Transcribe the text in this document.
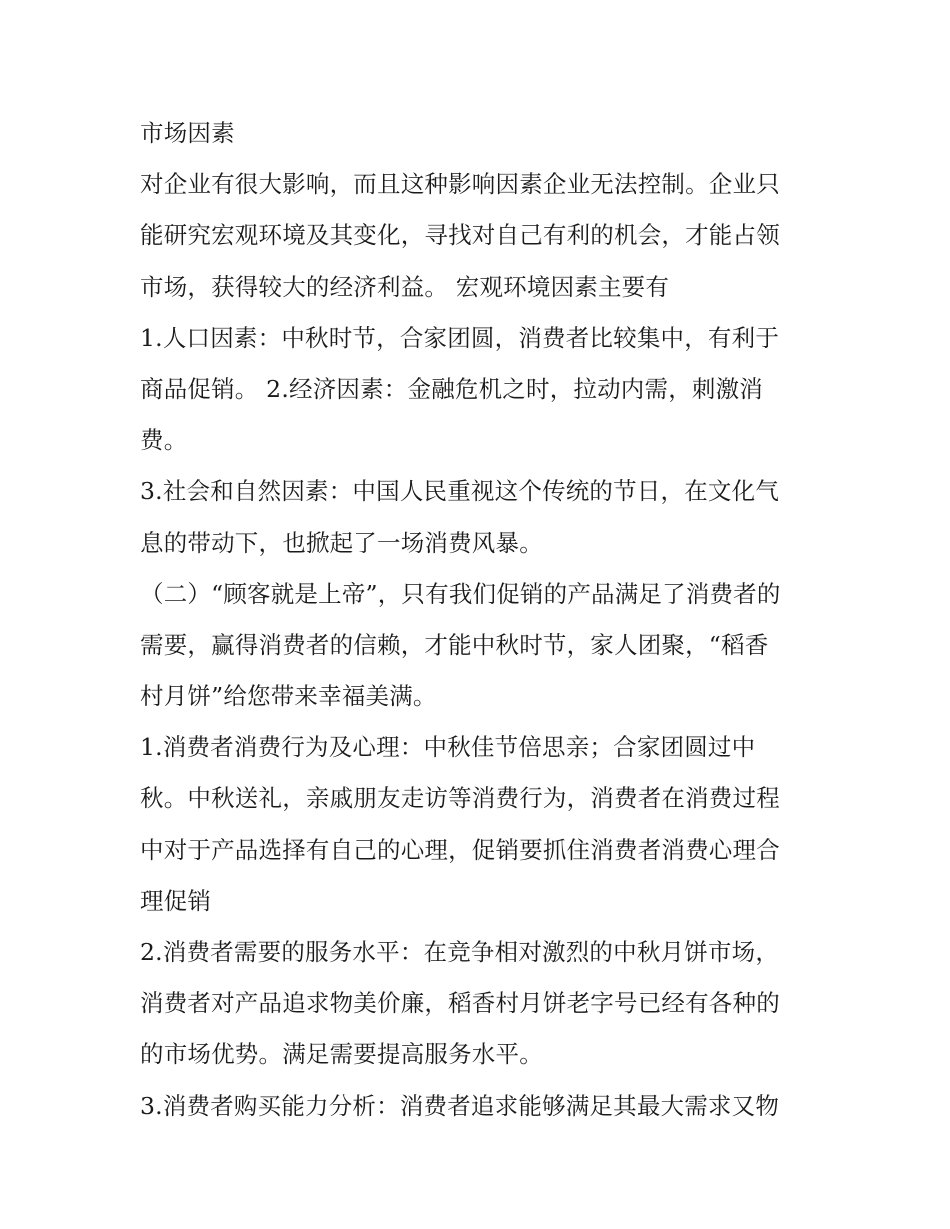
市场因素
对企业有很大影响，而且这种影响因素企业无法控制。企业只
能研究宏观环境及其变化，寻找对自己有利的机会，才能占领
市场，获得较大的经济利益。 宏观环境因素主要有
1.人口因素：中秋时节，合家团圆，消费者比较集中，有利于
商品促销。 2.经济因素：金融危机之时，拉动内需，刺激消
费。
3.社会和自然因素：中国人民重视这个传统的节日，在文化气
息的带动下，也掀起了一场消费风暴。
（二）“顾客就是上帝”，只有我们促销的产品满足了消费者的
需要，赢得消费者的信赖，才能中秋时节，家人团聚，“稻香
村月饼”给您带来幸福美满。
1.消费者消费行为及心理：中秋佳节倍思亲；合家团圆过中
秋。中秋送礼，亲戚朋友走访等消费行为，消费者在消费过程
中对于产品选择有自己的心理，促销要抓住消费者消费心理合
理促销
2.消费者需要的服务水平：在竞争相对激烈的中秋月饼市场，
消费者对产品追求物美价廉，稻香村月饼老字号已经有各种的
的市场优势。满足需要提高服务水平。
3.消费者购买能力分析：消费者追求能够满足其最大需求又物
